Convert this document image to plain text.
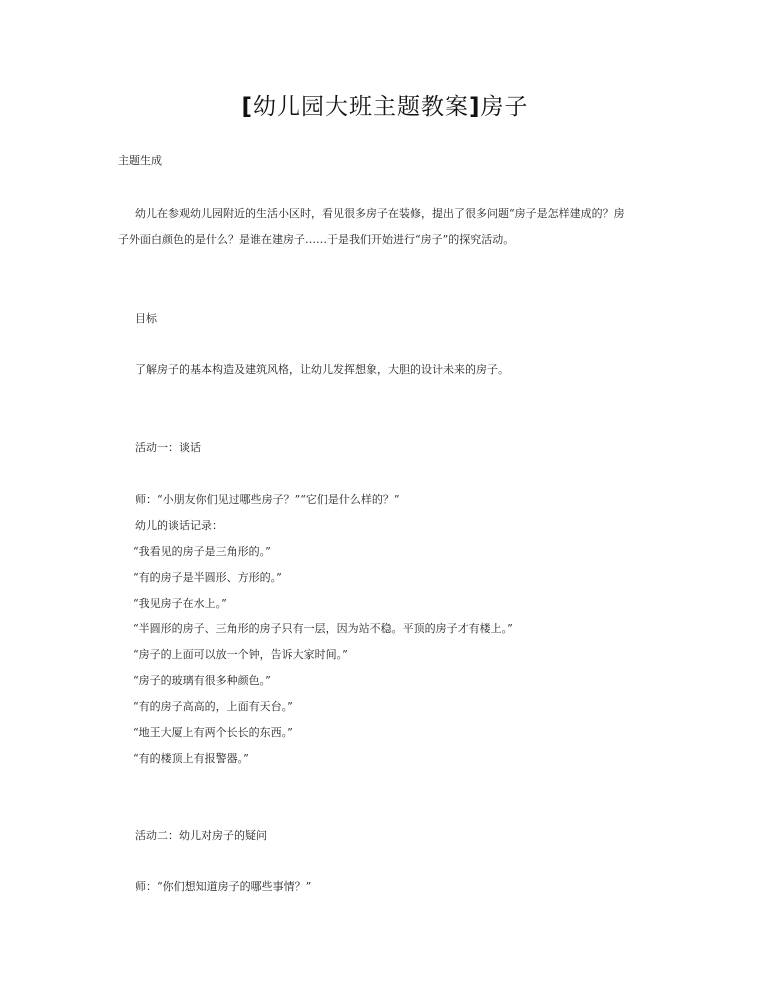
[幼儿园大班主题教案]房子
主题生成
幼儿在参观幼儿园附近的生活小区时，看见很多房子在装修，提出了很多问题“房子是怎样建成的？房
子外面白颜色的是什么？是谁在建房子……于是我们开始进行“房子”的探究活动。
目标
了解房子的基本构造及建筑风格，让幼儿发挥想象，大胆的设计未来的房子。
活动一：谈话
师：“小朋友你们见过哪些房子？”“它们是什么样的？”
幼儿的谈话记录：
“我看见的房子是三角形的。”
“有的房子是半圆形、方形的。”
“我见房子在水上。”
“半圆形的房子、三角形的房子只有一层，因为站不稳。平顶的房子才有楼上。”
“房子的上面可以放一个钟，告诉大家时间。”
“房子的玻璃有很多种颜色。”
“有的房子高高的，上面有天台。”
“地王大厦上有两个长长的东西。”
“有的楼顶上有报警器。”
活动二：幼儿对房子的疑问
师：“你们想知道房子的哪些事情？”
